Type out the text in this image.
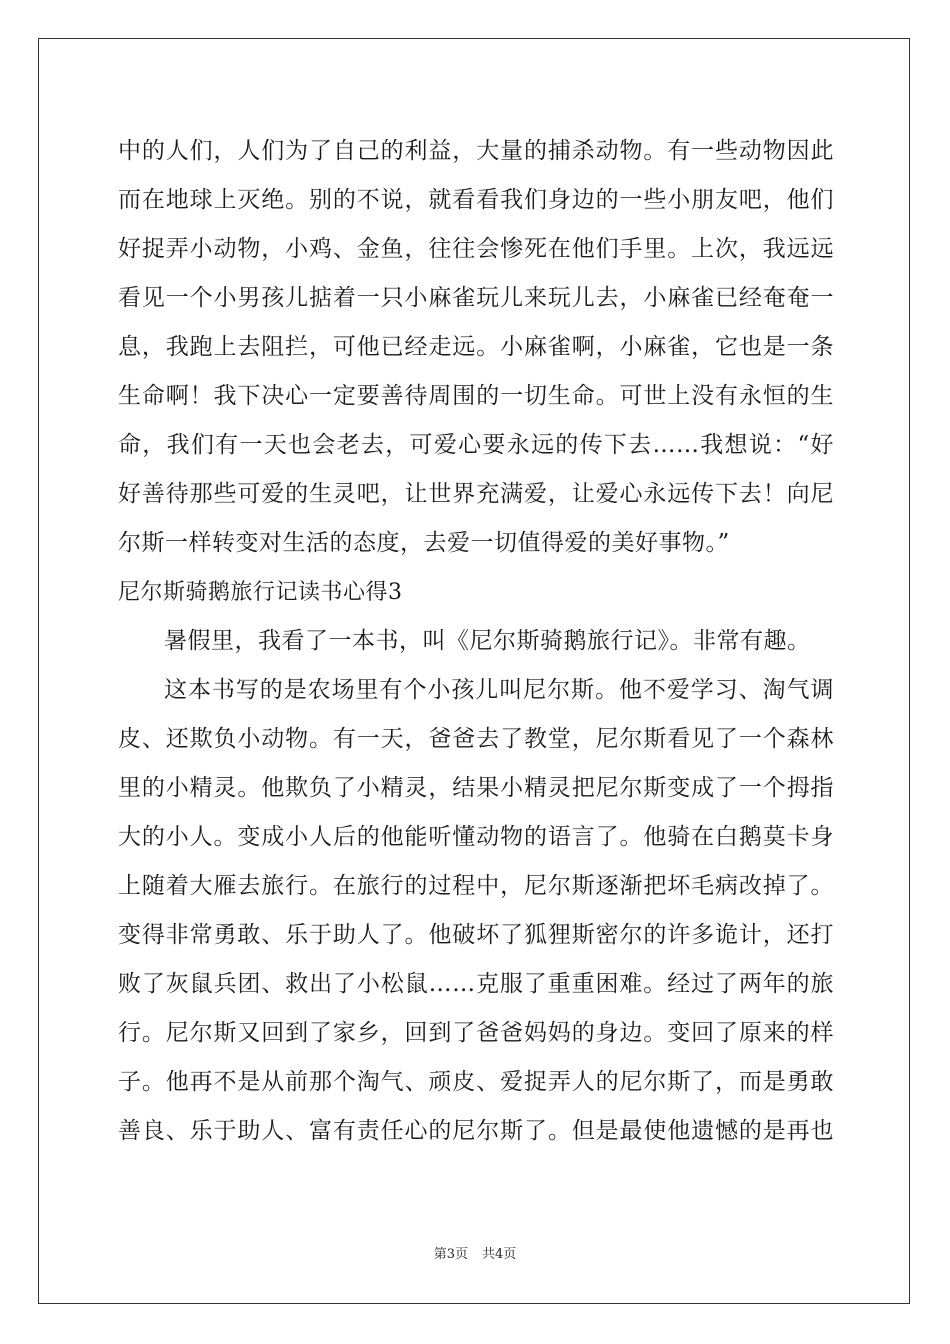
中的人们，人们为了自己的利益，大量的捕杀动物。有一些动物因此
而在地球上灭绝。别的不说，就看看我们身边的一些小朋友吧，他们
好捉弄小动物，小鸡、金鱼，往往会惨死在他们手里。上次，我远远
看见一个小男孩儿掂着一只小麻雀玩儿来玩儿去，小麻雀已经奄奄一
息，我跑上去阻拦，可他已经走远。小麻雀啊，小麻雀，它也是一条
生命啊！我下决心一定要善待周围的一切生命。可世上没有永恒的生
命，我们有一天也会老去，可爱心要永远的传下去……我想说：“好
好善待那些可爱的生灵吧，让世界充满爱，让爱心永远传下去！向尼
尔斯一样转变对生活的态度，去爱一切值得爱的美好事物。”
尼尔斯骑鹅旅行记读书心得3
暑假里，我看了一本书，叫《尼尔斯骑鹅旅行记》。非常有趣。
这本书写的是农场里有个小孩儿叫尼尔斯。他不爱学习、淘气调
皮、还欺负小动物。有一天，爸爸去了教堂，尼尔斯看见了一个森林
里的小精灵。他欺负了小精灵，结果小精灵把尼尔斯变成了一个拇指
大的小人。变成小人后的他能听懂动物的语言了。他骑在白鹅莫卡身
上随着大雁去旅行。在旅行的过程中，尼尔斯逐渐把坏毛病改掉了。
变得非常勇敢、乐于助人了。他破坏了狐狸斯密尔的许多诡计，还打
败了灰鼠兵团、救出了小松鼠……克服了重重困难。经过了两年的旅
行。尼尔斯又回到了家乡，回到了爸爸妈妈的身边。变回了原来的样
子。他再不是从前那个淘气、顽皮、爱捉弄人的尼尔斯了，而是勇敢
善良、乐于助人、富有责任心的尼尔斯了。但是最使他遗憾的是再也
第3页 共4页
